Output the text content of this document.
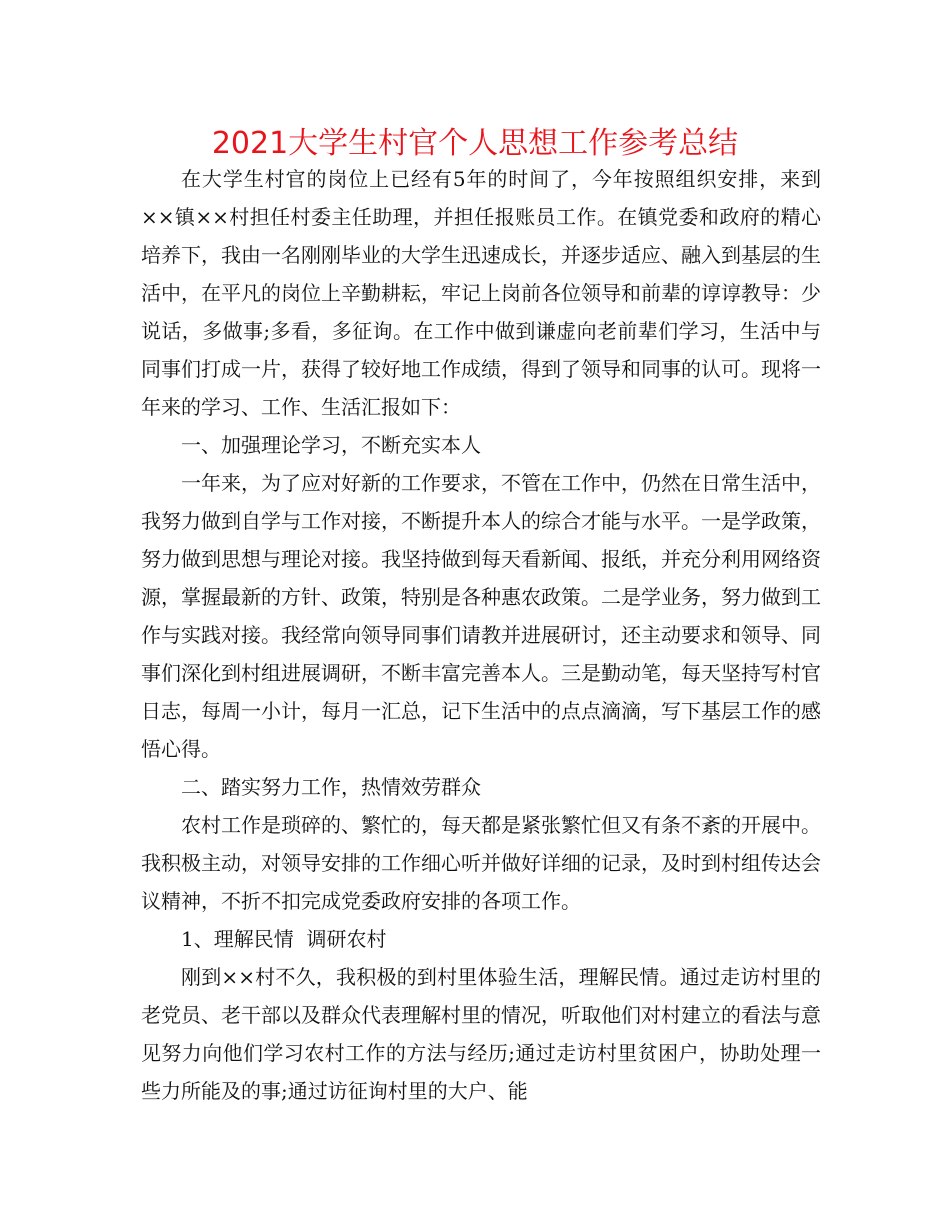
2021大学生村官个人思想工作参考总结

在大学生村官的岗位上已经有5年的时间了，今年按照组织安排，来到××镇××村担任村委主任助理，并担任报账员工作。在镇党委和政府的精心培养下，我由一名刚刚毕业的大学生迅速成长，并逐步适应、融入到基层的生活中，在平凡的岗位上辛勤耕耘，牢记上岗前各位领导和前辈的谆谆教导：少说话，多做事;多看，多征询。在工作中做到谦虚向老前辈们学习，生活中与同事们打成一片，获得了较好地工作成绩，得到了领导和同事的认可。现将一年来的学习、工作、生活汇报如下：

一、加强理论学习，不断充实本人

一年来，为了应对好新的工作要求，不管在工作中，仍然在日常生活中，我努力做到自学与工作对接，不断提升本人的综合才能与水平。一是学政策，努力做到思想与理论对接。我坚持做到每天看新闻、报纸，并充分利用网络资源，掌握最新的方针、政策，特别是各种惠农政策。二是学业务，努力做到工作与实践对接。我经常向领导同事们请教并进展研讨，还主动要求和领导、同事们深化到村组进展调研，不断丰富完善本人。三是勤动笔，每天坚持写村官日志，每周一小计，每月一汇总，记下生活中的点点滴滴，写下基层工作的感悟心得。

二、踏实努力工作，热情效劳群众

农村工作是琐碎的、繁忙的，每天都是紧张繁忙但又有条不紊的开展中。我积极主动，对领导安排的工作细心听并做好详细的记录，及时到村组传达会议精神，不折不扣完成党委政府安排的各项工作。

1、理解民情  调研农村

刚到××村不久，我积极的到村里体验生活，理解民情。通过走访村里的老党员、老干部以及群众代表理解村里的情况，听取他们对村建立的看法与意见努力向他们学习农村工作的方法与经历;通过走访村里贫困户，协助处理一些力所能及的事;通过访征询村里的大户、能
